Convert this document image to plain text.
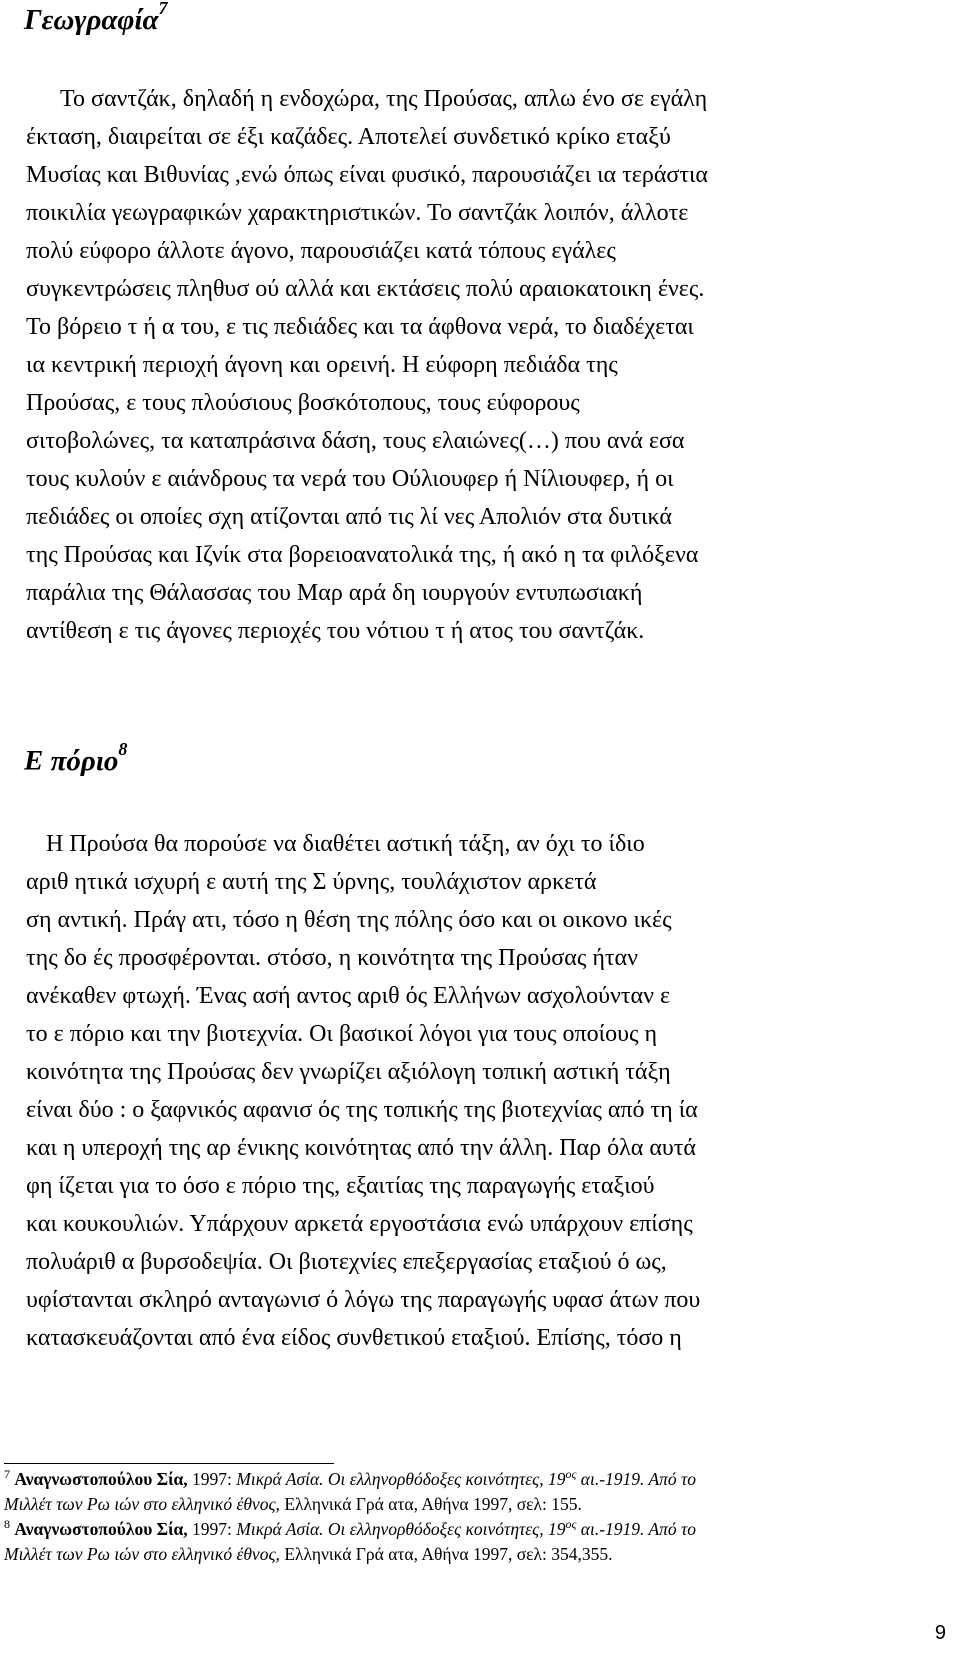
Γεωγραφία$^7$
Το σαντζάκ, δηλαδή η ενδοχώρα, της Προύσας, απλω ένο σε εγάλη
έκταση, διαιρείται σε έξι καζάδες. Αποτελεί συνδετικό κρίκο εταξύ
Μυσίας και Βιθυνίας ,ενώ όπως είναι φυσικό, παρουσιάζει ια τεράστια
ποικιλία γεωγραφικών χαρακτηριστικών. Το σαντζάκ λοιπόν, άλλοτε
πολύ εύφορο άλλοτε άγονο, παρουσιάζει κατά τόπους εγάλες
συγκεντρώσεις πληθυσ ού αλλά και εκτάσεις πολύ αραιοκατοικη ένες.
Το βόρειο τ ή α του, ε τις πεδιάδες και τα άφθονα νερά, το διαδέχεται
ια κεντρική περιοχή άγονη και ορεινή. Η εύφορη πεδιάδα της
Προύσας, ε τους πλούσιους βοσκότοπους, τους εύφορους
σιτοβολώνες, τα καταπράσινα δάση, τους ελαιώνες(…) που ανά εσα
τους κυλούν ε αιάνδρους τα νερά του Ούλιουφερ ή Νίλιουφερ, ή οι
πεδιάδες οι οποίες σχη ατίζονται από τις λί νες Απολιόν στα δυτικά
της Προύσας και Ιζνίκ στα βορειοανατολικά της, ή ακό η τα φιλόξενα
παράλια της Θάλασσας του Μαρ αρά δη ιουργούν εντυπωσιακή
αντίθεση ε τις άγονες περιοχές του νότιου τ ή ατος του σαντζάκ.
Ε πόριο$^8$
Η Προύσα θα πορούσε να διαθέτει αστική τάξη, αν όχι το ίδιο
αριθ ητικά ισχυρή ε αυτή της Σ ύρνης, τουλάχιστον αρκετά
ση αντική. Πράγ ατι, τόσο η θέση της πόλης όσο και οι οικονο ικές
της δο ές προσφέρονται. στόσο, η κοινότητα της Προύσας ήταν
ανέκαθεν φτωχή. Ένας ασή αντος αριθ ός Ελλήνων ασχολούνταν ε
το ε πόριο και την βιοτεχνία. Οι βασικοί λόγοι για τους οποίους η
κοινότητα της Προύσας δεν γνωρίζει αξιόλογη τοπική αστική τάξη
είναι δύο : ο ξαφνικός αφανισ ός της τοπικής της βιοτεχνίας από τη ία
και η υπεροχή της αρ ένικης κοινότητας από την άλλη. Παρ όλα αυτά
φη ίζεται για το όσο ε πόριο της, εξαιτίας της παραγωγής εταξιού
και κουκουλιών. Υπάρχουν αρκετά εργοστάσια ενώ υπάρχουν επίσης
πολυάριθ α βυρσοδεψία. Οι βιοτεχνίες επεξεργασίας εταξιού ό ως,
υφίστανται σκληρό ανταγωνισ ό λόγω της παραγωγής υφασ άτων που
κατασκευάζονται από ένα είδος συνθετικού εταξιού. Επίσης, τόσο η
$^7$ Αναγνωστοπούλου Σία, 1997: Μικρά Ασία. Οι ελληνορθόδοξες κοινότητες, $19^{o\varsigma}$ αι.-1919. Από το
Μιλλέτ των Ρω ιών στο ελληνικό έθνος, Ελληνικά Γρά ατα, Αθήνα 1997, σελ: 155.
$^8$ Αναγνωστοπούλου Σία, 1997: Μικρά Ασία. Οι ελληνορθόδοξες κοινότητες, $19^{o\varsigma}$ αι.-1919. Από το
Μιλλέτ των Ρω ιών στο ελληνικό έθνος, Ελληνικά Γρά ατα, Αθήνα 1997, σελ: 354,355.
9
